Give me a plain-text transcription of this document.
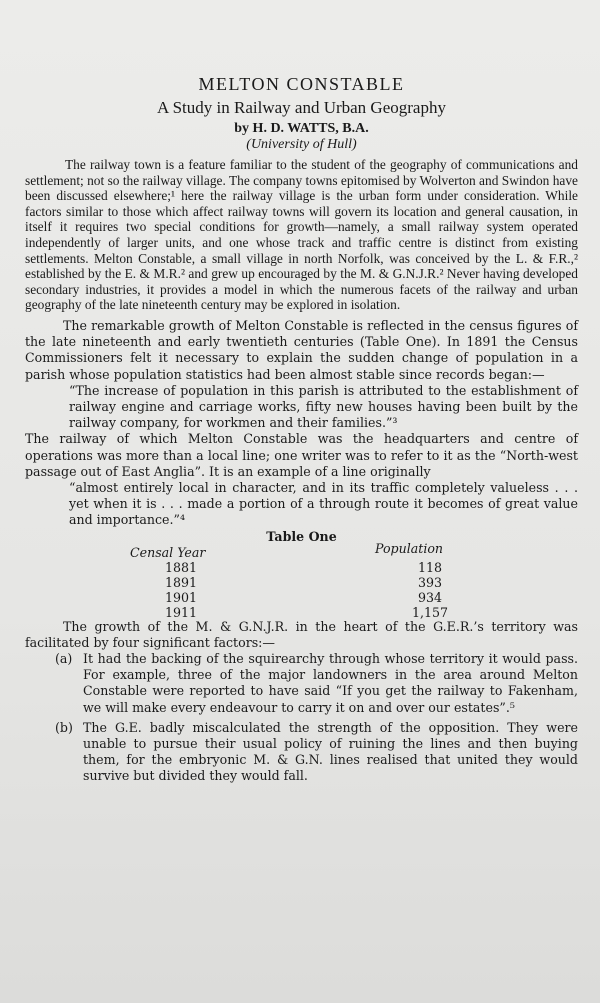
MELTON CONSTABLE
A Study in Railway and Urban Geography

by H. D. WATTS, B.A.

(University of Hull)

The railway town is a feature familiar to the student of the geography of communications and settlement; not so the railway village. The company towns epitomised by Wolverton and Swindon have been discussed elsewhere;¹ here the railway village is the urban form under consideration. While factors similar to those which affect railway towns will govern its location and general causation, in itself it requires two special conditions for growth—namely, a small railway system operated independently of larger units, and one whose track and traffic centre is distinct from existing settlements. Melton Constable, a small village in north Norfolk, was conceived by the L. & F.R.,² established by the E. & M.R.² and grew up encouraged by the M. & G.N.J.R.² Never having developed secondary industries, it provides a model in which the numerous facets of the railway and urban geography of the late nineteenth century may be explored in isolation.

The remarkable growth of Melton Constable is reflected in the census figures of the late nineteenth and early twentieth centuries (Table One). In 1891 the Census Commissioners felt it necessary to explain the sudden change of population in a parish whose population statistics had been almost stable since records began:—

“The increase of population in this parish is attributed to the establishment of railway engine and carriage works, fifty new houses having been built by the railway company, for workmen and their families.”³

The railway of which Melton Constable was the headquarters and centre of operations was more than a local line; one writer was to refer to it as the “North-west passage out of East Anglia”. It is an example of a line originally

“almost entirely local in character, and in its traffic completely valueless . . . yet when it is . . . made a portion of a through route it becomes of great value and importance.”⁴

Table One

Censal Year	Population
1881	118
1891	393
1901	934
1911	1,157

The growth of the M. & G.N.J.R. in the heart of the G.E.R.’s territory was facilitated by four significant factors:—

(a) It had the backing of the squirearchy through whose territory it would pass. For example, three of the major landowners in the area around Melton Constable were reported to have said “If you get the railway to Fakenham, we will make every endeavour to carry it on and over our estates”.⁵

(b) The G.E. badly miscalculated the strength of the opposition. They were unable to pursue their usual policy of ruining the lines and then buying them, for the embryonic M. & G.N. lines realised that united they would survive but divided they would fall.
